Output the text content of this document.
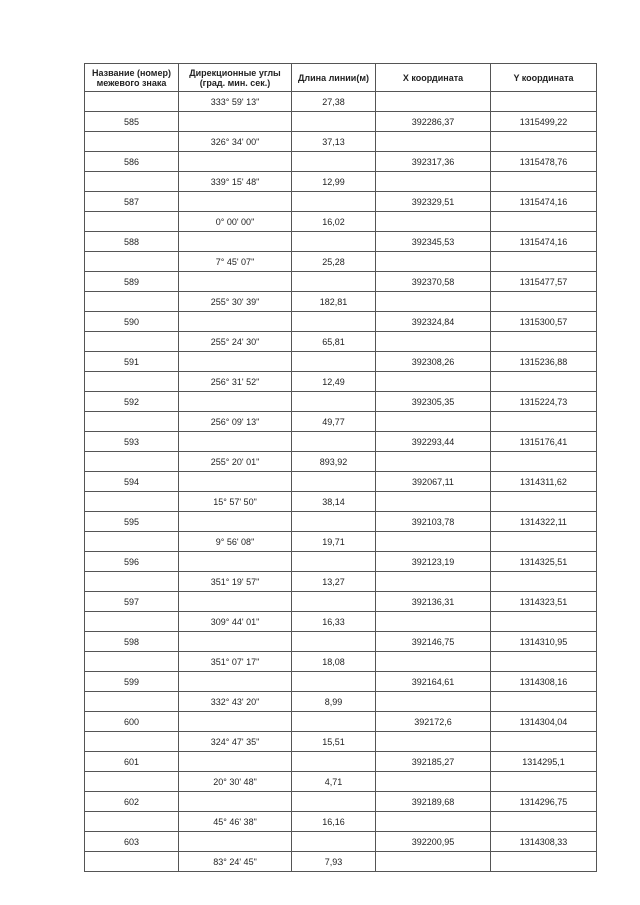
Название (номер) межевого знака	Дирекционные углы (град. мин. сек.)	Длина линии(м)	X координата	Y координата
	333° 59' 13"	27,38		
585			392286,37	1315499,22
	326° 34' 00"	37,13		
586			392317,36	1315478,76
	339° 15' 48"	12,99		
587			392329,51	1315474,16
	0° 00' 00"	16,02		
588			392345,53	1315474,16
	7° 45' 07"	25,28		
589			392370,58	1315477,57
	255° 30' 39"	182,81		
590			392324,84	1315300,57
	255° 24' 30"	65,81		
591			392308,26	1315236,88
	256° 31' 52"	12,49		
592			392305,35	1315224,73
	256° 09' 13"	49,77		
593			392293,44	1315176,41
	255° 20' 01"	893,92		
594			392067,11	1314311,62
	15° 57' 50"	38,14		
595			392103,78	1314322,11
	9° 56' 08"	19,71		
596			392123,19	1314325,51
	351° 19' 57"	13,27		
597			392136,31	1314323,51
	309° 44' 01"	16,33		
598			392146,75	1314310,95
	351° 07' 17"	18,08		
599			392164,61	1314308,16
	332° 43' 20"	8,99		
600			392172,6	1314304,04
	324° 47' 35"	15,51		
601			392185,27	1314295,1
	20° 30' 48"	4,71		
602			392189,68	1314296,75
	45° 46' 38"	16,16		
603			392200,95	1314308,33
	83° 24' 45"	7,93		
